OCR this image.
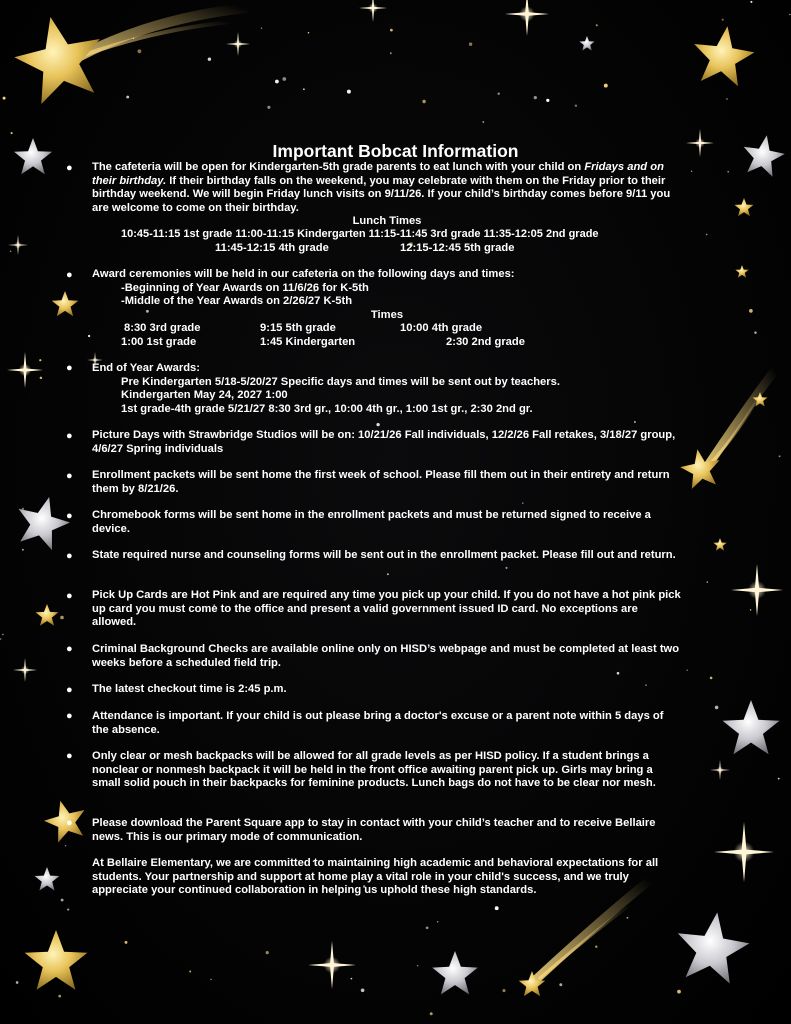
Important Bobcat Information
● The cafeteria will be open for Kindergarten-5th grade parents to eat lunch with your child on Fridays and on their birthday. If their birthday falls on the weekend, you may celebrate with them on the Friday prior to their birthday weekend. We will begin Friday lunch visits on 9/11/26. If your child’s birthday comes before 9/11 you are welcome to come on their birthday.
Lunch Times
10:45-11:15 1st grade 11:00-11:15 Kindergarten 11:15-11:45 3rd grade 11:35-12:05 2nd grade
11:45-12:15 4th grade	12:15-12:45 5th grade
● Award ceremonies will be held in our cafeteria on the following days and times:
-Beginning of Year Awards on 11/6/26 for K-5th
-Middle of the Year Awards on 2/26/27 K-5th
Times
8:30 3rd grade	9:15 5th grade	10:00 4th grade
1:00 1st grade	1:45 Kindergarten	2:30 2nd grade
● End of Year Awards:
Pre Kindergarten 5/18-5/20/27 Specific days and times will be sent out by teachers.
Kindergarten May 24, 2027 1:00
1st grade-4th grade 5/21/27 8:30 3rd gr., 10:00 4th gr., 1:00 1st gr., 2:30 2nd gr.
● Picture Days with Strawbridge Studios will be on: 10/21/26 Fall individuals, 12/2/26 Fall retakes, 3/18/27 group, 4/6/27 Spring individuals
● Enrollment packets will be sent home the first week of school. Please fill them out in their entirety and return them by 8/21/26.
● Chromebook forms will be sent home in the enrollment packets and must be returned signed to receive a device.
● State required nurse and counseling forms will be sent out in the enrollment packet. Please fill out and return.
● Pick Up Cards are Hot Pink and are required any time you pick up your child. If you do not have a hot pink pick up card you must come to the office and present a valid government issued ID card. No exceptions are allowed.
● Criminal Background Checks are available online only on HISD’s webpage and must be completed at least two weeks before a scheduled field trip.
● The latest checkout time is 2:45 p.m.
● Attendance is important. If your child is out please bring a doctor's excuse or a parent note within 5 days of the absence.
● Only clear or mesh backpacks will be allowed for all grade levels as per HISD policy. If a student brings a nonclear or nonmesh backpack it will be held in the front office awaiting parent pick up. Girls may bring a small solid pouch in their backpacks for feminine products. Lunch bags do not have to be clear nor mesh.
● Please download the Parent Square app to stay in contact with your child’s teacher and to receive Bellaire news. This is our primary mode of communication.
At Bellaire Elementary, we are committed to maintaining high academic and behavioral expectations for all students. Your partnership and support at home play a vital role in your child's success, and we truly appreciate your continued collaboration in helping us uphold these high standards.
